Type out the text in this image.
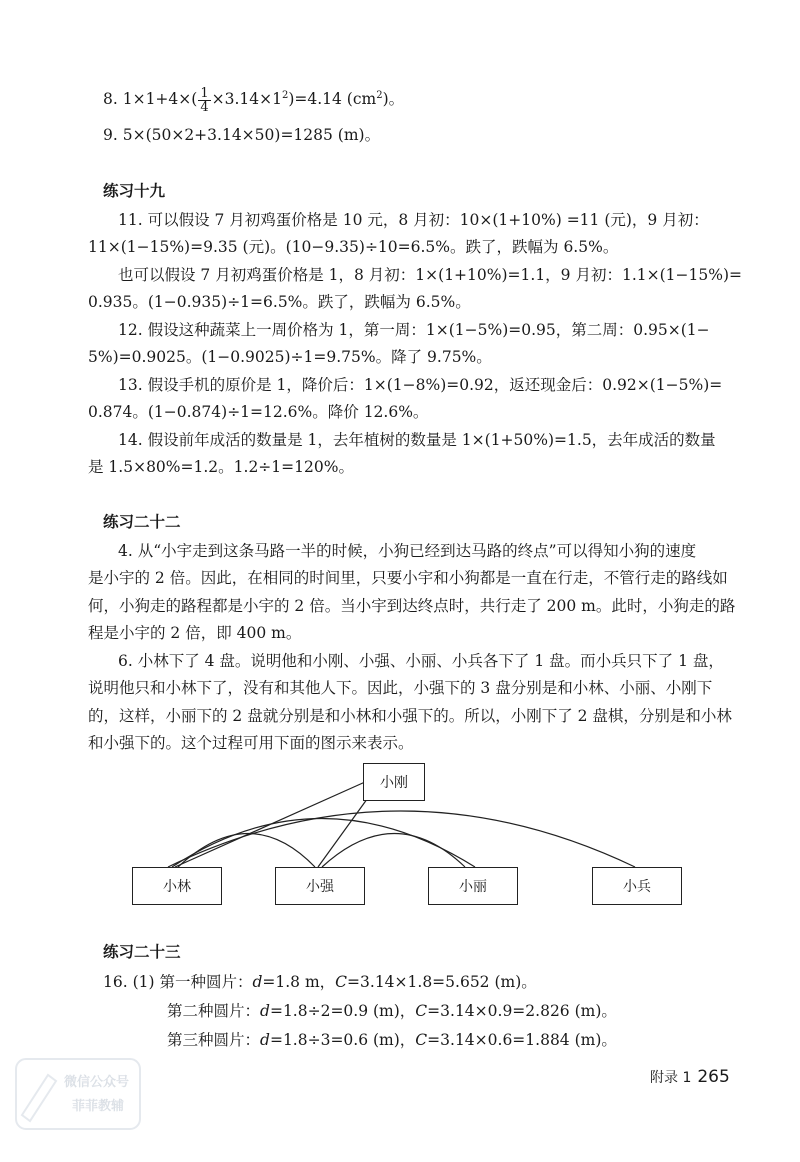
8. $1\times 1+4\times( \frac{1}{4} \times 3.14\times 1^2)=4.14$ $(cm^2)$。
9. 5×(50×2+3.14×50)=1285 (m)。
练习十九
11. 可以假设 7 月初鸡蛋价格是 10 元，8 月初：10×(1+10%) =11 (元)，9 月初：
11×(1−15%)=9.35 (元)。(10−9.35)÷10=6.5%。跌了，跌幅为 6.5%。
也可以假设 7 月初鸡蛋价格是 1，8 月初：1×(1+10%)=1.1，9 月初：1.1×(1−15%)=
0.935。(1−0.935)÷1=6.5%。跌了，跌幅为 6.5%。
12. 假设这种蔬菜上一周价格为 1，第一周：1×(1−5%)=0.95，第二周：0.95×(1−
5%)=0.9025。(1−0.9025)÷1=9.75%。降了 9.75%。
13. 假设手机的原价是 1，降价后：1×(1−8%)=0.92，返还现金后：0.92×(1−5%)=
0.874。(1−0.874)÷1=12.6%。降价 12.6%。
14. 假设前年成活的数量是 1，去年植树的数量是 1×(1+50%)=1.5，去年成活的数量
是 1.5×80%=1.2。1.2÷1=120%。
练习二十二
4. 从“小宇走到这条马路一半的时候，小狗已经到达马路的终点”可以得知小狗的速度
是小宇的 2 倍。因此，在相同的时间里，只要小宇和小狗都是一直在行走，不管行走的路线如
何，小狗走的路程都是小宇的 2 倍。当小宇到达终点时，共行走了 200 m。此时，小狗走的路
程是小宇的 2 倍，即 400 m。
6. 小林下了 4 盘。说明他和小刚、小强、小丽、小兵各下了 1 盘。而小兵只下了 1 盘，
说明他只和小林下了，没有和其他人下。因此，小强下的 3 盘分别是和小林、小丽、小刚下
的，这样，小丽下的 2 盘就分别是和小林和小强下的。所以，小刚下了 2 盘棋，分别是和小林
和小强下的。这个过程可用下面的图示来表示。
小刚
小林	小强	小丽	小兵
练习二十三
16. (1) 第一种圆片：d=1.8 m，C=3.14×1.8=5.652 (m)。
第二种圆片：d=1.8÷2=0.9 (m)，C=3.14×0.9=2.826 (m)。
第三种圆片：d=1.8÷3=0.6 (m)，C=3.14×0.6=1.884 (m)。
微信公众号
菲菲教辅
附录 1 265
